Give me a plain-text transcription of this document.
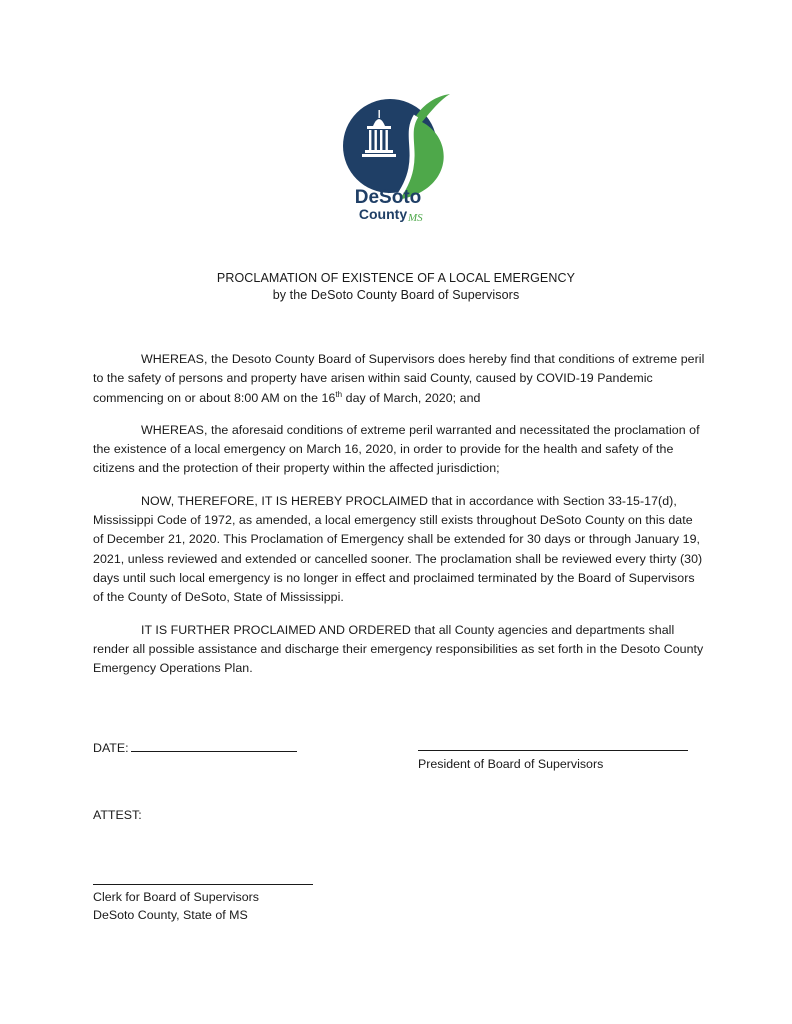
DeSoto
County MS
PROCLAMATION OF EXISTENCE OF A LOCAL EMERGENCY
by the DeSoto County Board of Supervisors

WHEREAS, the Desoto County Board of Supervisors does hereby find that conditions of extreme peril to the safety of persons and property have arisen within said County, caused by COVID-19 Pandemic commencing on or about 8:00 AM on the 16th day of March, 2020; and

WHEREAS, the aforesaid conditions of extreme peril warranted and necessitated the proclamation of the existence of a local emergency on March 16, 2020, in order to provide for the health and safety of the citizens and the protection of their property within the affected jurisdiction;

NOW, THEREFORE, IT IS HEREBY PROCLAIMED that in accordance with Section 33-15-17(d), Mississippi Code of 1972, as amended, a local emergency still exists throughout DeSoto County on this date of December 21, 2020. This Proclamation of Emergency shall be extended for 30 days or through January 19, 2021, unless reviewed and extended or cancelled sooner. The proclamation shall be reviewed every thirty (30) days until such local emergency is no longer in effect and proclaimed terminated by the Board of Supervisors of the County of DeSoto, State of Mississippi.

IT IS FURTHER PROCLAIMED AND ORDERED that all County agencies and departments shall render all possible assistance and discharge their emergency responsibilities as set forth in the Desoto County Emergency Operations Plan.

DATE:
President of Board of Supervisors
ATTEST:
Clerk for Board of Supervisors
DeSoto County, State of MS
